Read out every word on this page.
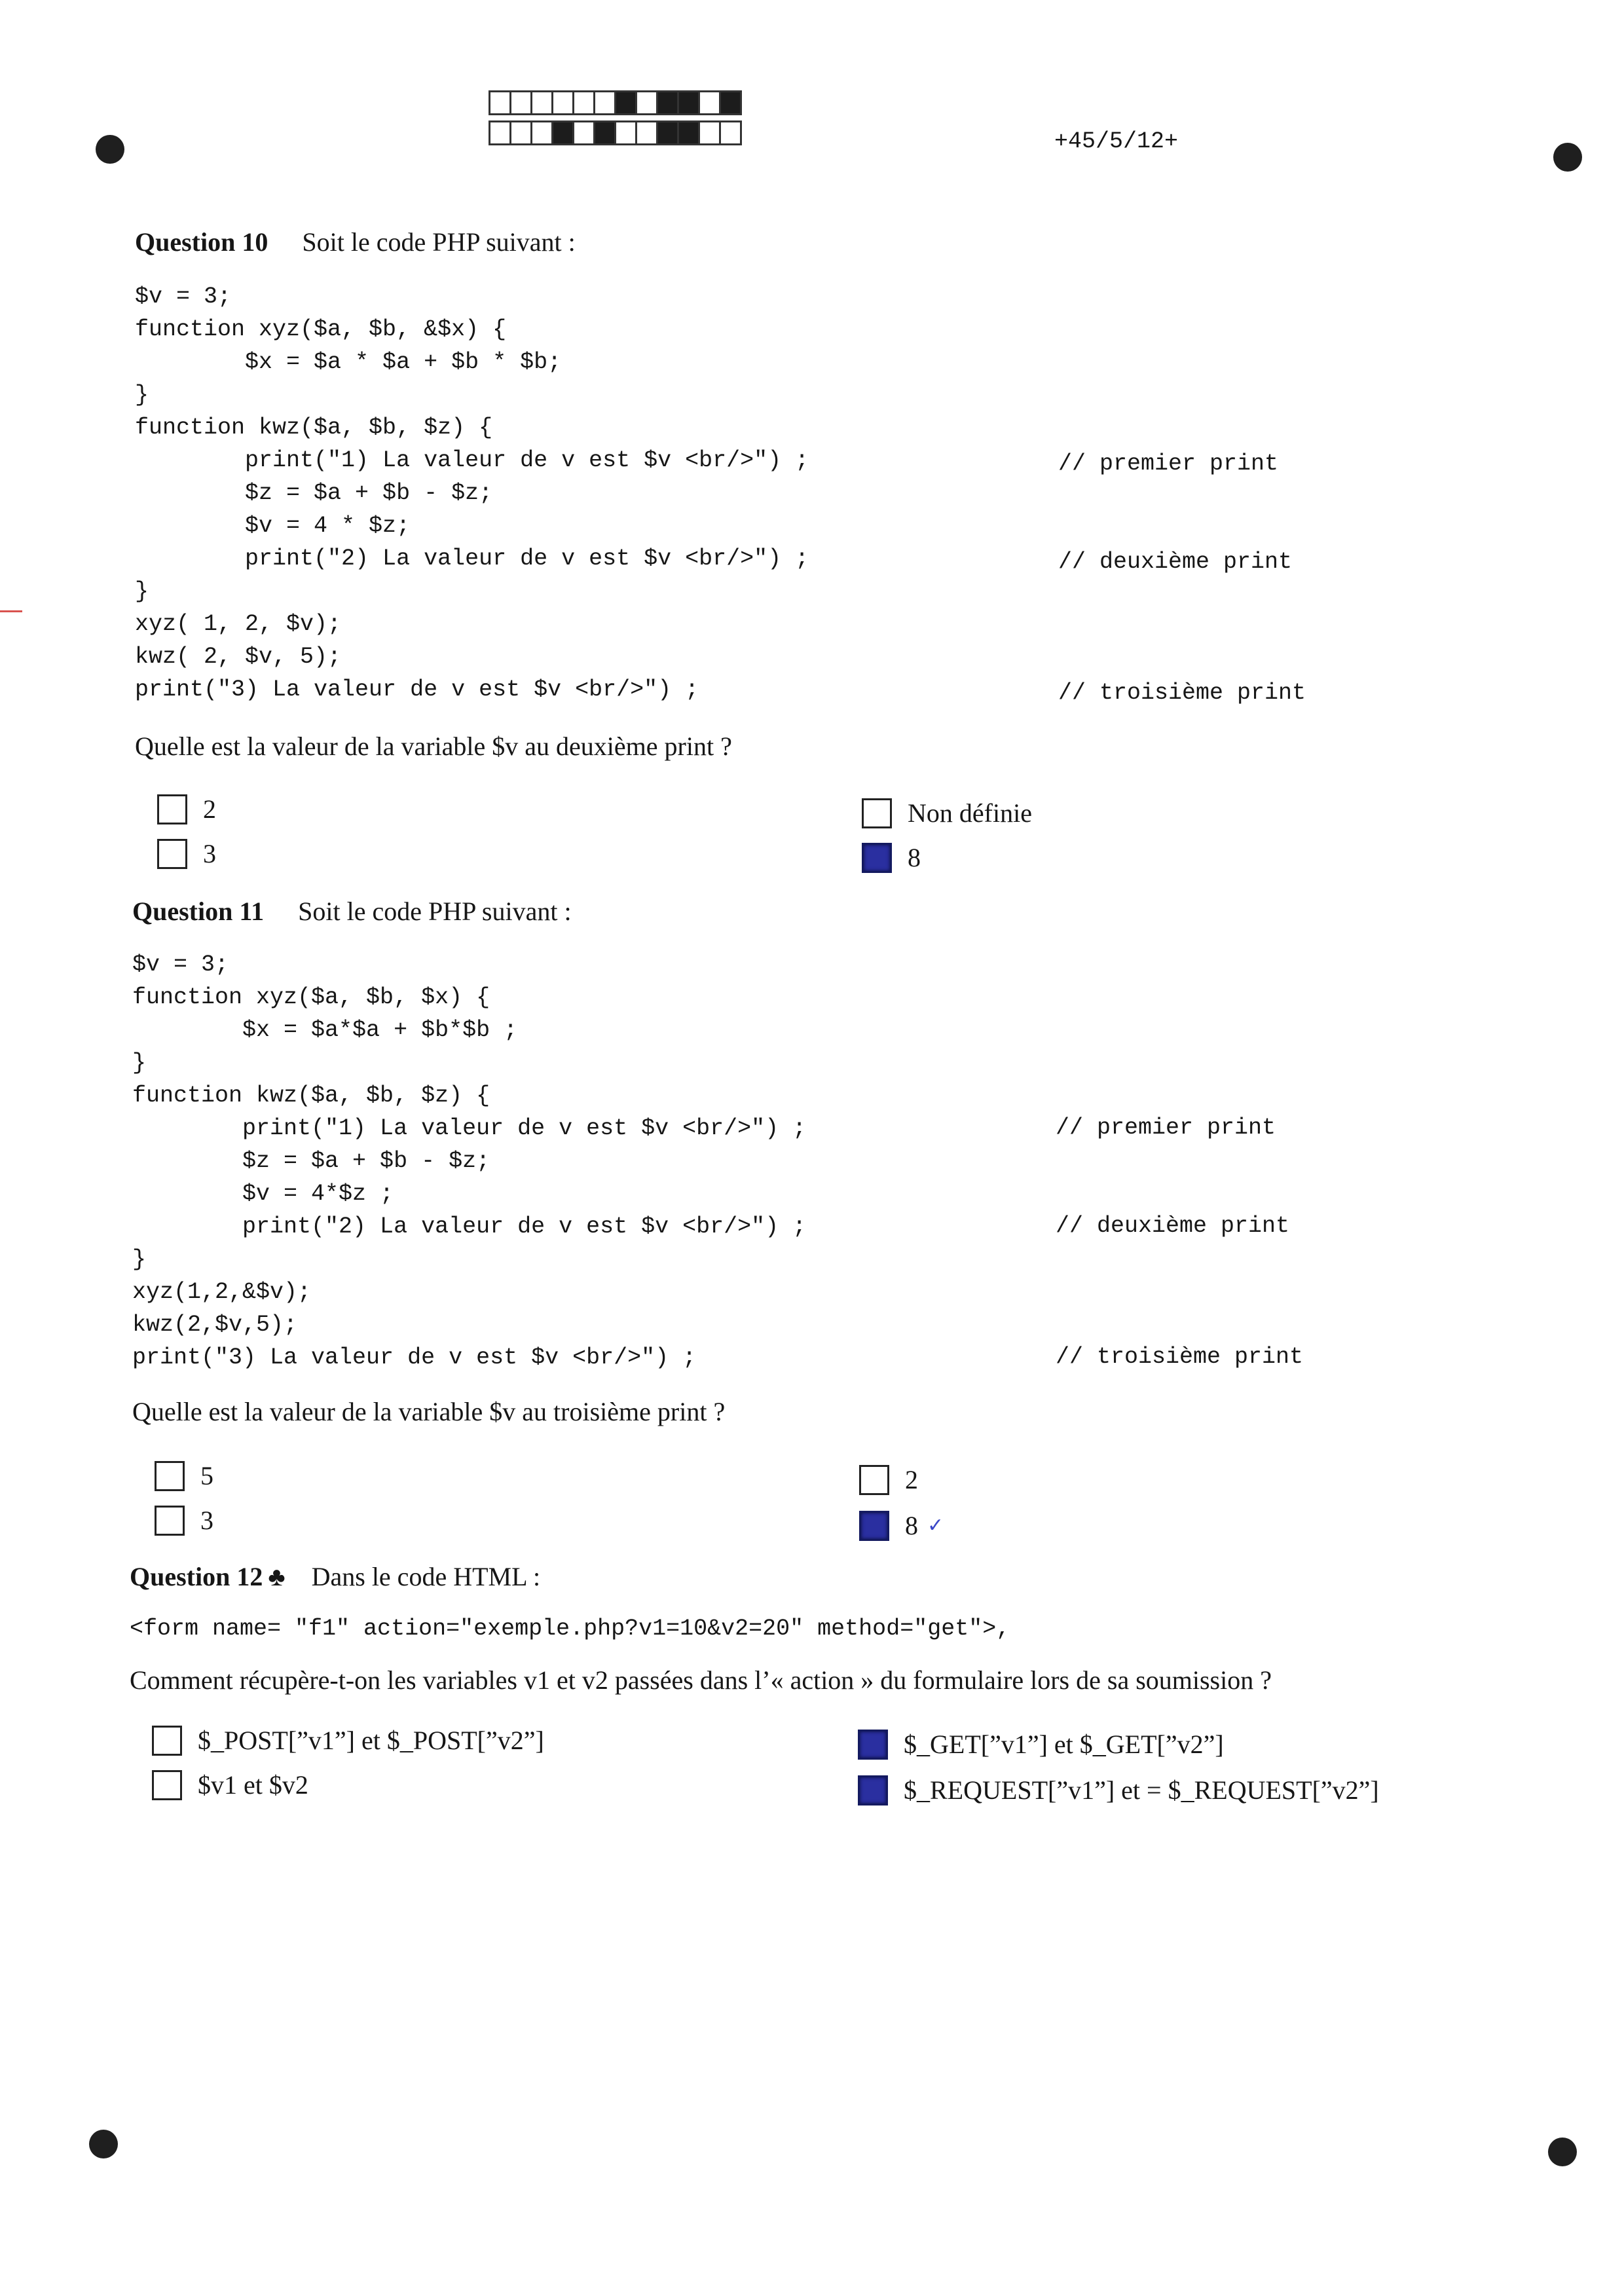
+45/5/12+
Question 10 Soit le code PHP suivant :
$v = 3;
function xyz($a, $b, &$x) {
$x = $a * $a + $b * $b;
}
function kwz($a, $b, $z) {
print("1) La valeur de v est $v <br/>") ;
$z = $a + $b - $z;
$v = 4 * $z;
print("2) La valeur de v est $v <br/>") ;
}
xyz( 1, 2, $v);
kwz( 2, $v, 5);
print("3) La valeur de v est $v <br/>") ;
// premier print
// deuxième print
// troisième print
Quelle est la valeur de la variable $v au deuxième print ?
2
3
Non définie
8
Question 11 Soit le code PHP suivant :
$v = 3;
function xyz($a, $b, $x) {
$x = $a*$a + $b*$b ;
}
function kwz($a, $b, $z) {
print("1) La valeur de v est $v <br/>") ;
$z = $a + $b - $z;
$v = 4*$z ;
print("2) La valeur de v est $v <br/>") ;
}
xyz(1,2,&$v);
kwz(2,$v,5);
print("3) La valeur de v est $v <br/>") ;
// premier print
// deuxième print
// troisième print
Quelle est la valeur de la variable $v au troisième print ?
5
3
2
8 ✓
Question 12 ♣ Dans le code HTML :
<form name= "f1" action="exemple.php?v1=10&v2=20" method="get">,
Comment récupère-t-on les variables v1 et v2 passées dans l’« action » du formulaire lors de sa soumission ?
$_POST[”v1”] et $_POST[”v2”]
$v1 et $v2
$_GET[”v1”] et $_GET[”v2”]
$_REQUEST[”v1”] et = $_REQUEST[”v2”]
